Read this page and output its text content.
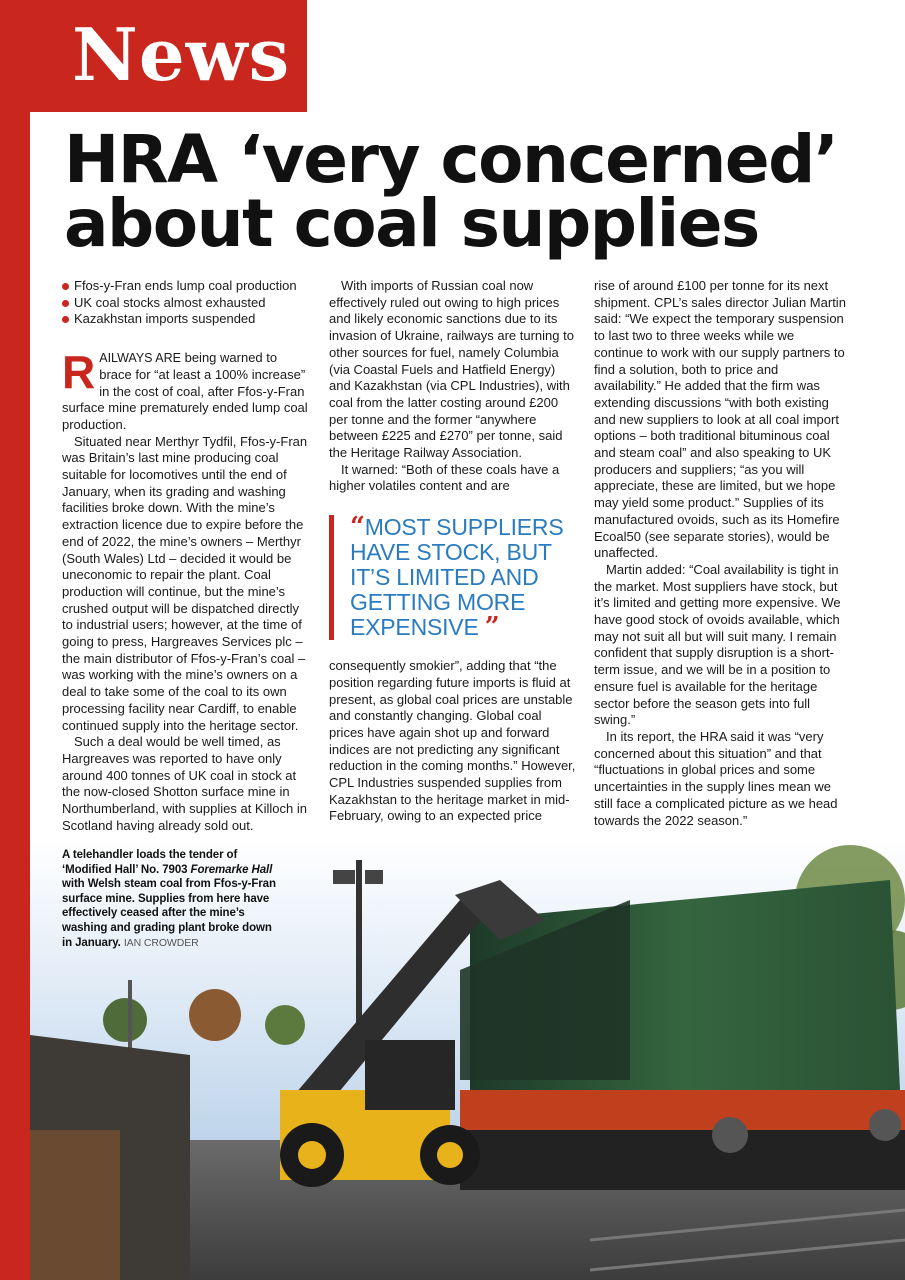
News
HRA ‘very concerned’
about coal supplies
Ffos-y-Fran ends lump coal production
UK coal stocks almost exhausted
Kazakhstan imports suspended

RAILWAYS ARE being warned to brace for “at least a 100% increase” in the cost of coal, after Ffos-y-Fran surface mine prematurely ended lump coal production.

Situated near Merthyr Tydfil, Ffos-y-Fran was Britain’s last mine producing coal suitable for locomotives until the end of January, when its grading and washing facilities broke down. With the mine’s extraction licence due to expire before the end of 2022, the mine’s owners – Merthyr (South Wales) Ltd – decided it would be uneconomic to repair the plant. Coal production will continue, but the mine’s crushed output will be dispatched directly to industrial users; however, at the time of going to press, Hargreaves Services plc – the main distributor of Ffos-y-Fran’s coal – was working with the mine’s owners on a deal to take some of the coal to its own processing facility near Cardiff, to enable continued supply into the heritage sector.

Such a deal would be well timed, as Hargreaves was reported to have only around 400 tonnes of UK coal in stock at the now-closed Shotton surface mine in Northumberland, with supplies at Killoch in Scotland having already sold out.

With imports of Russian coal now effectively ruled out owing to high prices and likely economic sanctions due to its invasion of Ukraine, railways are turning to other sources for fuel, namely Columbia (via Coastal Fuels and Hatfield Energy) and Kazakhstan (via CPL Industries), with coal from the latter costing around £200 per tonne and the former “anywhere between £225 and £270” per tonne, said the Heritage Railway Association.

It warned: “Both of these coals have a higher volatiles content and are

“MOST SUPPLIERS HAVE STOCK, BUT IT’S LIMITED AND GETTING MORE EXPENSIVE ”

consequently smokier”, adding that “the position regarding future imports is fluid at present, as global coal prices are unstable and constantly changing. Global coal prices have again shot up and forward indices are not predicting any significant reduction in the coming months.” However, CPL Industries suspended supplies from Kazakhstan to the heritage market in mid-February, owing to an expected price

rise of around £100 per tonne for its next shipment. CPL’s sales director Julian Martin said: “We expect the temporary suspension to last two to three weeks while we continue to work with our supply partners to find a solution, both to price and availability.” He added that the firm was extending discussions “with both existing and new suppliers to look at all coal import options – both traditional bituminous coal and steam coal” and also speaking to UK producers and suppliers; “as you will appreciate, these are limited, but we hope may yield some product.” Supplies of its manufactured ovoids, such as its Homefire Ecoal50 (see separate stories), would be unaffected.

Martin added: “Coal availability is tight in the market. Most suppliers have stock, but it’s limited and getting more expensive. We have good stock of ovoids available, which may not suit all but will suit many. I remain confident that supply disruption is a short-term issue, and we will be in a position to ensure fuel is available for the heritage sector before the season gets into full swing.”

In its report, the HRA said it was “very concerned about this situation” and that “fluctuations in global prices and some uncertainties in the supply lines mean we still face a complicated picture as we head towards the 2022 season.”

A telehandler loads the tender of ‘Modified Hall’ No. 7903 Foremarke Hall with Welsh steam coal from Ffos-y-Fran surface mine. Supplies from here have effectively ceased after the mine’s washing and grading plant broke down in January. IAN CROWDER
